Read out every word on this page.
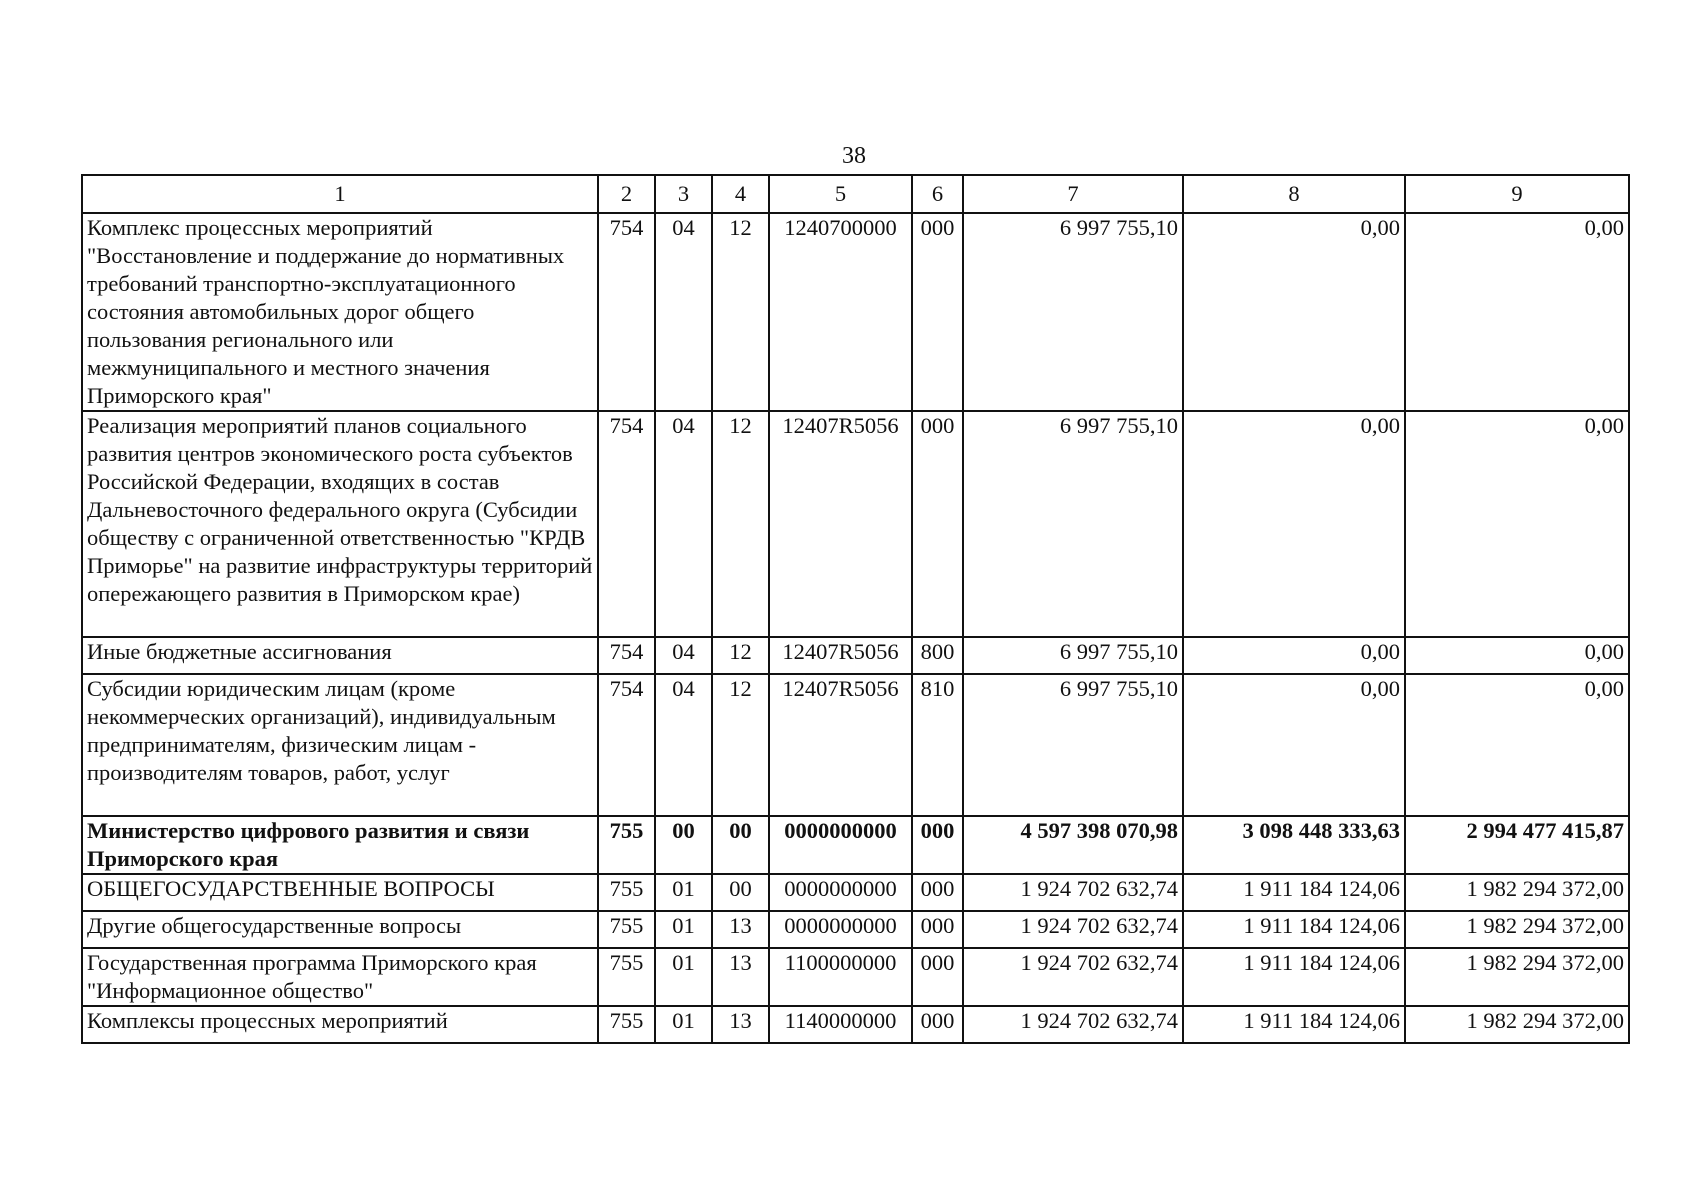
38
1	2	3	4	5	6	7	8	9
Комплекс процессных мероприятий "Восстановление и поддержание до нормативных требований транспортно-эксплуатационного состояния автомобильных дорог общего пользования регионального или межмуниципального и местного значения Приморского края"	754	04	12	1240700000	000	6 997 755,10	0,00	0,00
Реализация мероприятий планов социального развития центров экономического роста субъектов Российской Федерации, входящих в состав Дальневосточного федерального округа (Субсидии обществу с ограниченной ответственностью "КРДВ Приморье" на развитие инфраструктуры территорий опережающего развития в Приморском крае)	754	04	12	12407R5056	000	6 997 755,10	0,00	0,00
Иные бюджетные ассигнования	754	04	12	12407R5056	800	6 997 755,10	0,00	0,00
Субсидии юридическим лицам (кроме некоммерческих организаций), индивидуальным предпринимателям, физическим лицам - производителям товаров, работ, услуг	754	04	12	12407R5056	810	6 997 755,10	0,00	0,00
Министерство цифрового развития и связи Приморского края	755	00	00	0000000000	000	4 597 398 070,98	3 098 448 333,63	2 994 477 415,87
ОБЩЕГОСУДАРСТВЕННЫЕ ВОПРОСЫ	755	01	00	0000000000	000	1 924 702 632,74	1 911 184 124,06	1 982 294 372,00
Другие общегосударственные вопросы	755	01	13	0000000000	000	1 924 702 632,74	1 911 184 124,06	1 982 294 372,00
Государственная программа Приморского края "Информационное общество"	755	01	13	1100000000	000	1 924 702 632,74	1 911 184 124,06	1 982 294 372,00
Комплексы процессных мероприятий	755	01	13	1140000000	000	1 924 702 632,74	1 911 184 124,06	1 982 294 372,00
